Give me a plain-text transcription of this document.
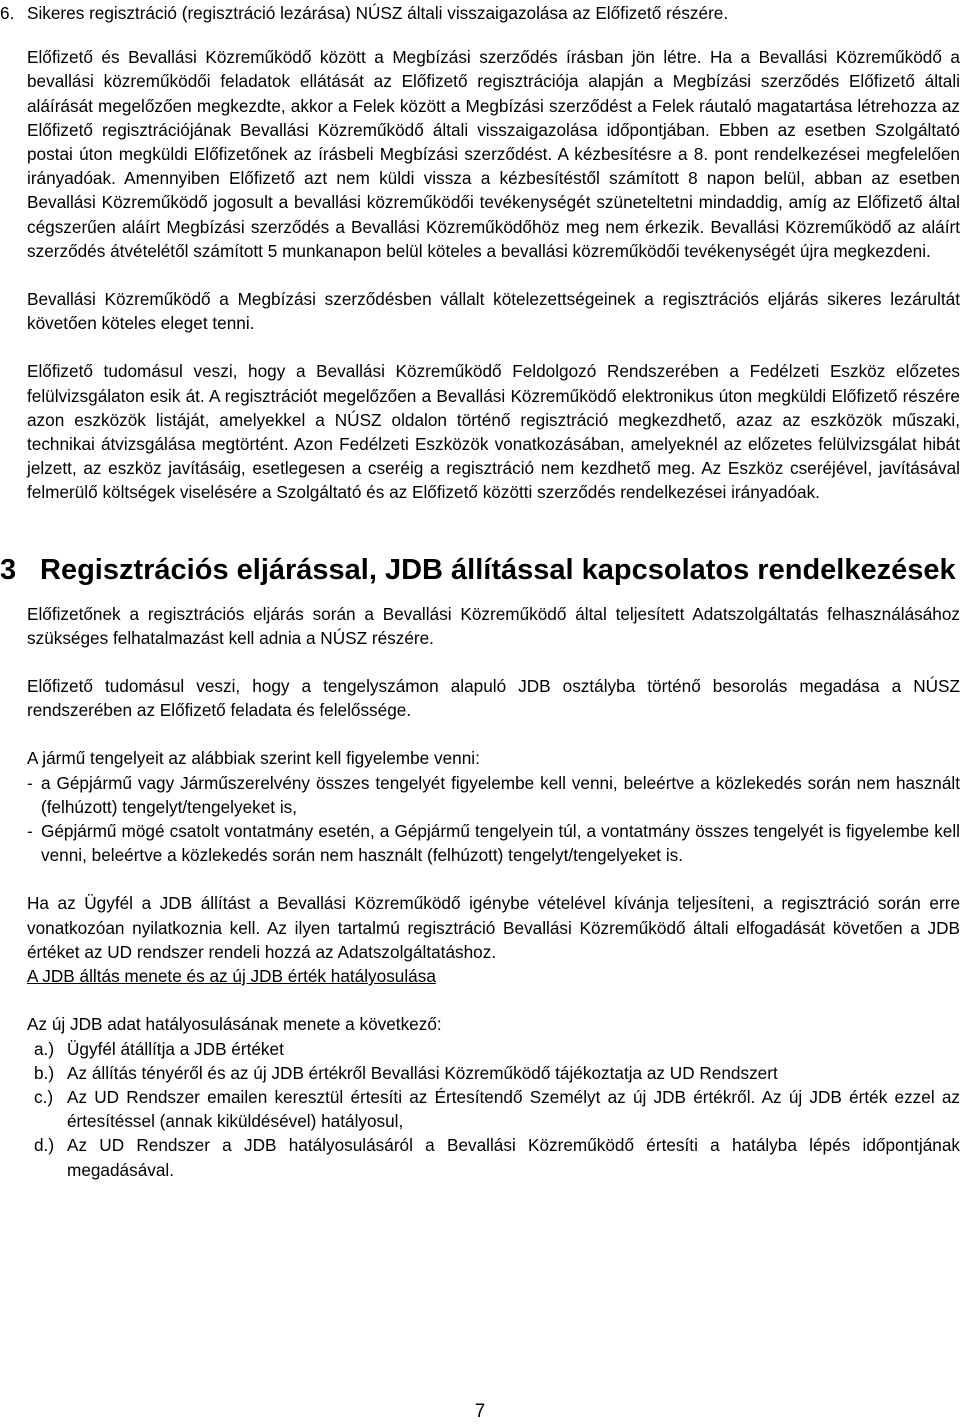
6. Sikeres regisztráció (regisztráció lezárása) NÚSZ általi visszaigazolása az Előfizető részére.

Előfizető és Bevallási Közreműködő között a Megbízási szerződés írásban jön létre. Ha a Bevallási Közreműködő a bevallási közreműködői feladatok ellátását az Előfizető regisztrációja alapján a Megbízási szerződés Előfizető általi aláírását megelőzően megkezdte, akkor a Felek között a Megbízási szerződést a Felek ráutaló magatartása létrehozza az Előfizető regisztrációjának Bevallási Közreműködő általi visszaigazolása időpontjában. Ebben az esetben Szolgáltató postai úton megküldi Előfizetőnek az írásbeli Megbízási szerződést. A kézbesítésre a 8. pont rendelkezései megfelelően irányadóak. Amennyiben Előfizető azt nem küldi vissza a kézbesítéstől számított 8 napon belül, abban az esetben Bevallási Közreműködő jogosult a bevallási közreműködői tevékenységét szüneteltetni mindaddig, amíg az Előfizető által cégszerűen aláírt Megbízási szerződés a Bevallási Közreműködőhöz meg nem érkezik. Bevallási Közreműködő az aláírt szerződés átvételétől számított 5 munkanapon belül köteles a bevallási közreműködői tevékenységét újra megkezdeni.

Bevallási Közreműködő a Megbízási szerződésben vállalt kötelezettségeinek a regisztrációs eljárás sikeres lezárultát követően köteles eleget tenni.

Előfizető tudomásul veszi, hogy a Bevallási Közreműködő Feldolgozó Rendszerében a Fedélzeti Eszköz előzetes felülvizsgálaton esik át. A regisztrációt megelőzően a Bevallási Közreműködő elektronikus úton megküldi Előfizető részére azon eszközök listáját, amelyekkel a NÚSZ oldalon történő regisztráció megkezdhető, azaz az eszközök műszaki, technikai átvizsgálása megtörtént. Azon Fedélzeti Eszközök vonatkozásában, amelyeknél az előzetes felülvizsgálat hibát jelzett, az eszköz javításáig, esetlegesen a cseréig a regisztráció nem kezdhető meg. Az Eszköz cseréjével, javításával felmerülő költségek viselésére a Szolgáltató és az Előfizető közötti szerződés rendelkezései irányadóak.

3 Regisztrációs eljárással, JDB állítással kapcsolatos rendelkezések

Előfizetőnek a regisztrációs eljárás során a Bevallási Közreműködő által teljesített Adatszolgáltatás felhasználásához szükséges felhatalmazást kell adnia a NÚSZ részére.

Előfizető tudomásul veszi, hogy a tengelyszámon alapuló JDB osztályba történő besorolás megadása a NÚSZ rendszerében az Előfizető feladata és felelőssége.

A jármű tengelyeit az alábbiak szerint kell figyelembe venni:

- a Gépjármű vagy Járműszerelvény összes tengelyét figyelembe kell venni, beleértve a közlekedés során nem használt (felhúzott) tengelyt/tengelyeket is,
- Gépjármű mögé csatolt vontatmány esetén, a Gépjármű tengelyein túl, a vontatmány összes tengelyét is figyelembe kell venni, beleértve a közlekedés során nem használt (felhúzott) tengelyt/tengelyeket is.

Ha az Ügyfél a JDB állítást a Bevallási Közreműködő igénybe vételével kívánja teljesíteni, a regisztráció során erre vonatkozóan nyilatkoznia kell. Az ilyen tartalmú regisztráció Bevallási Közreműködő általi elfogadását követően a JDB értéket az UD rendszer rendeli hozzá az Adatszolgáltatáshoz.

A JDB álltás menete és az új JDB érték hatályosulása

Az új JDB adat hatályosulásának menete a következő:

a.) Ügyfél átállítja a JDB értéket
b.) Az állítás tényéről és az új JDB értékről Bevallási Közreműködő tájékoztatja az UD Rendszert
c.) Az UD Rendszer emailen keresztül értesíti az Értesítendő Személyt az új JDB értékről. Az új JDB érték ezzel az értesítéssel (annak kiküldésével) hatályosul,
d.) Az UD Rendszer a JDB hatályosulásáról a Bevallási Közreműködő értesíti a hatályba lépés időpontjának megadásával.
7
